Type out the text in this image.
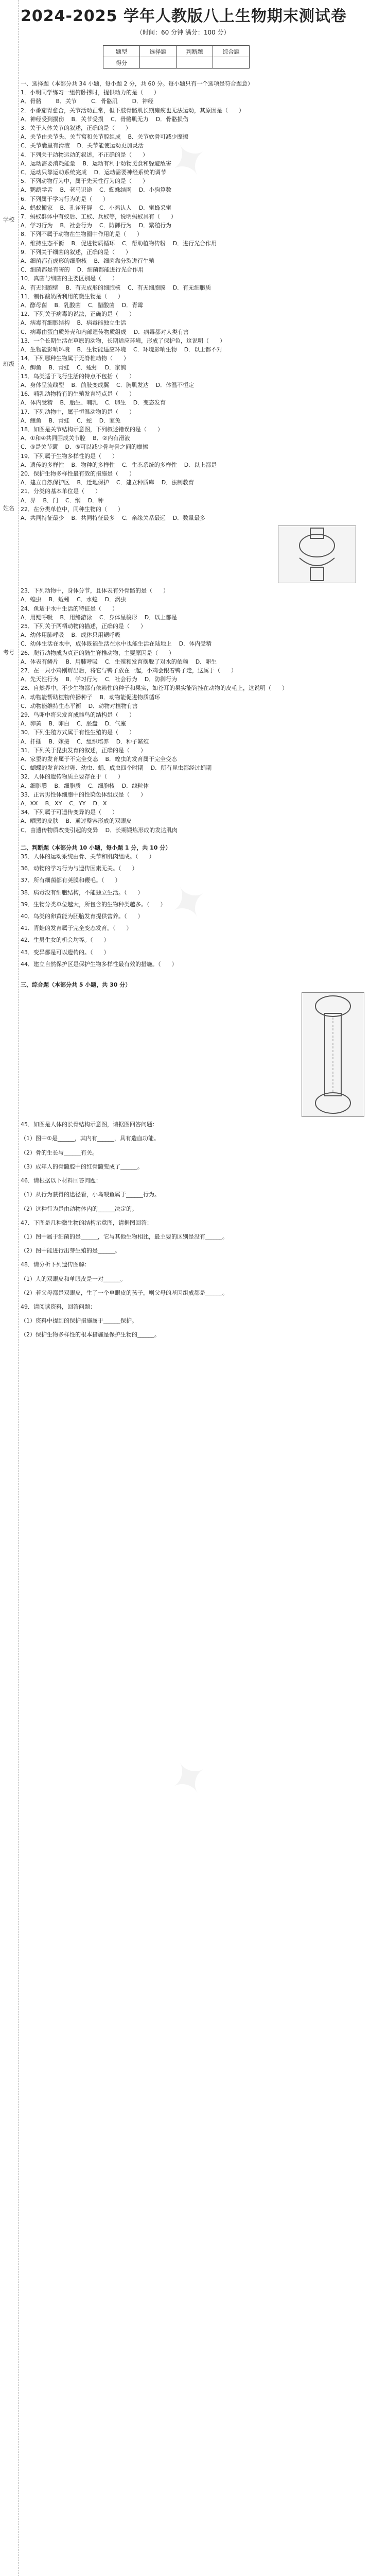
学校
班级
姓名
考号
2024-2025 学年人教版八上生物期末测试卷
（时间：60 分钟 满分：100 分）
题型	选择题	判断题	综合题
得分			
✦
✦
✦
一、选择题（本部分共 34 小题，每小题 2 分，共 60 分。每小题只有一个选项是符合题意）
1．小明同学练习一组俯卧撑时，提供动力的是（      ）
A．骨骼        B．关节        C．骨骼肌        D．神经
2．小番茄胃愈合，关节活动正常，但下肢骨骼肌长期瘫痪也无法运动，其原因是（      ）
A．神经受到损伤    B．关节受损    C．骨骼肌无力    D．骨骼损伤
3．关于人体关节的叙述，正确的是（      ）
A．关节由关节头、关节窝和关节腔组成    B．关节软骨可减少摩擦
C．关节囊里有滑液    D．关节能使运动更加灵活
4．下列关于动物运动的叙述，不正确的是（      ）
A．运动需要消耗能量    B．运动有利于动物觅食和躲避敌害
C．运动只靠运动系统完成    D．运动需要神经系统的调节
5．下列动物行为中，属于先天性行为的是（      ）
A．鹦鹉学舌    B．老马识途    C．蜘蛛结网    D．小狗算数
6．下列属于学习行为的是（      ）
A．蚂蚁搬家    B．孔雀开屏    C．小鸡认人    D．蜜蜂采蜜
7．蚂蚁群体中有蚁后、工蚁、兵蚁等，说明蚂蚁具有（      ）
A．学习行为    B．社会行为    C．防御行为    D．繁殖行为
8．下列不属于动物在生物圈中作用的是（      ）
A．维持生态平衡    B．促进物质循环    C．帮助植物传粉    D．进行光合作用
9．下列关于细菌的叙述，正确的是（      ）
A．细菌都有成形的细胞核    B．细菌靠分裂进行生殖
C．细菌都是有害的    D．细菌都能进行光合作用
10．真菌与细菌的主要区别是（      ）
A．有无细胞壁    B．有无成形的细胞核    C．有无细胞膜    D．有无细胞质
11．制作酸奶所利用的微生物是（      ）
A．酵母菌    B．乳酸菌    C．醋酸菌    D．青霉
12．下列关于病毒的说法，正确的是（      ）
A．病毒有细胞结构    B．病毒能独立生活
C．病毒由蛋白质外壳和内部遗传物质组成    D．病毒都对人类有害
13．一个长期生活在草原的动物，长期适应环境，形成了保护色，这说明（      ）
A．生物能影响环境    B．生物能适应环境    C．环境影响生物    D．以上都不对
14．下列哪种生物属于无脊椎动物（      ）
A．鲫鱼    B．青蛙    C．蚯蚓    D．家鸽
15．鸟类适于飞行生活的特点不包括（      ）
A．身体呈流线型    B．前肢变成翼    C．胸肌发达    D．体温不恒定
16．哺乳动物特有的生殖发育特点是（      ）
A．体内受精    B．胎生、哺乳    C．卵生    D．变态发育
17．下列动物中，属于恒温动物的是（      ）
A．鲤鱼    B．青蛙    C．蛇    D．家兔
18．如图是关节结构示意图，下列叙述错误的是（      ）
A．①和④共同围成关节腔    B．②内有滑液
C．③是关节囊    D．⑤可以减少骨与骨之间的摩擦
19．下列属于生物多样性的是（      ）
A．遗传的多样性    B．物种的多样性    C．生态系统的多样性    D．以上都是
20．保护生物多样性最有效的措施是（      ）
A．建立自然保护区    B．迁地保护    C．建立种质库    D．法制教育
21．分类的基本单位是（      ）
A．界    B．门    C．纲    D．种
22．在分类单位中，同种生物的（      ）
A．共同特征最少    B．共同特征最多    C．亲缘关系最远    D．数量最多
23．下列动物中，身体分节，且体表有外骨骼的是（      ）
A．蝗虫    B．蚯蚓    C．水螅    D．涡虫
24．鱼适于水中生活的特征是（      ）
A．用鳃呼吸    B．用鳍游泳    C．身体呈梭形    D．以上都是
25．下列关于两栖动物的描述，正确的是（      ）
A．幼体用肺呼吸    B．成体只用鳃呼吸
C．幼体生活在水中，成体既能生活在水中也能生活在陆地上    D．体内受精
26．爬行动物成为真正的陆生脊椎动物，主要原因是（      ）
A．体表有鳞片    B．用肺呼吸    C．生殖和发育摆脱了对水的依赖    D．卵生
27．在一只小鸡刚孵出后，将它与鸭子放在一起，小鸡会跟着鸭子走，这属于（      ）
A．先天性行为    B．学习行为    C．社会行为    D．防御行为
28．自然界中，不少生物都有依赖性的种子和果实，如苍耳的果实能钩挂在动物的皮毛上，这说明（      ）
A．动物能帮助植物传播种子    B．动物能促进物质循环
C．动物能维持生态平衡    D．动物对植物有害
29．鸟卵中将来发育成雏鸟的结构是（      ）
A．卵黄    B．卵白    C．胚盘    D．气室
30．下列生殖方式属于有性生殖的是（      ）
A．扦插    B．嫁接    C．组织培养    D．种子繁殖
31．下列关于昆虫发育的叙述，正确的是（      ）
A．家蚕的发育属于不完全变态    B．蝗虫的发育属于完全变态
C．蝴蝶的发育经过卵、幼虫、蛹、成虫四个时期    D．所有昆虫都经过蛹期
32．人体的遗传物质主要存在于（      ）
A．细胞膜    B．细胞质    C．细胞核    D．线粒体
33．正常男性体细胞中的性染色体组成是（      ）
A．XX    B．XY    C．YY    D．X
34．下列属于可遗传变异的是（      ）
A．晒黑的皮肤    B．通过整容形成的双眼皮
C．由遗传物质改变引起的变异    D．长期锻炼形成的发达肌肉
二、判断题（本部分共 10 小题，每小题 1 分，共 10 分）
35．人体的运动系统由骨、关节和肌肉组成。（      ）
36．动物的学习行为与遗传因素无关。（      ）
37．所有细菌都有荚膜和鞭毛。（      ）
38．病毒没有细胞结构，不能独立生活。（      ）
39．生物分类单位越大，所包含的生物种类越多。（      ）
40．鸟类的卵黄能为胚胎发育提供营养。（      ）
41．青蛙的发育属于完全变态发育。（      ）
42．生男生女的机会均等。（      ）
43．变异都是可以遗传的。（      ）
44．建立自然保护区是保护生物多样性最有效的措施。（      ）
三、综合题（本部分共 5 小题，共 30 分）
45．如图是人体的长骨结构示意图，请据图回答问题：
（1）图中①是______，其内有______，具有造血功能。
（2）骨的生长与______有关。
（3）成年人的骨髓腔中的红骨髓变成了______。
46．请根据以下材料回答问题：
（1）从行为获得的途径看，小鸟喂鱼属于______行为。
（2）这种行为是由动物体内的______决定的。
47．下图是几种微生物的结构示意图，请据图回答：
（1）图中属于细菌的是______，它与其他生物相比，最主要的区别是没有______。
（2）图中能进行出芽生殖的是______。
48．请分析下列遗传图解：
（1）人的双眼皮和单眼皮是一对______。
（2）若父母都是双眼皮，生了一个单眼皮的孩子，则父母的基因组成都是______。
49．请阅读资料，回答问题：
（1）资料中提到的保护措施属于______保护。
（2）保护生物多样性的根本措施是保护生物的______。
